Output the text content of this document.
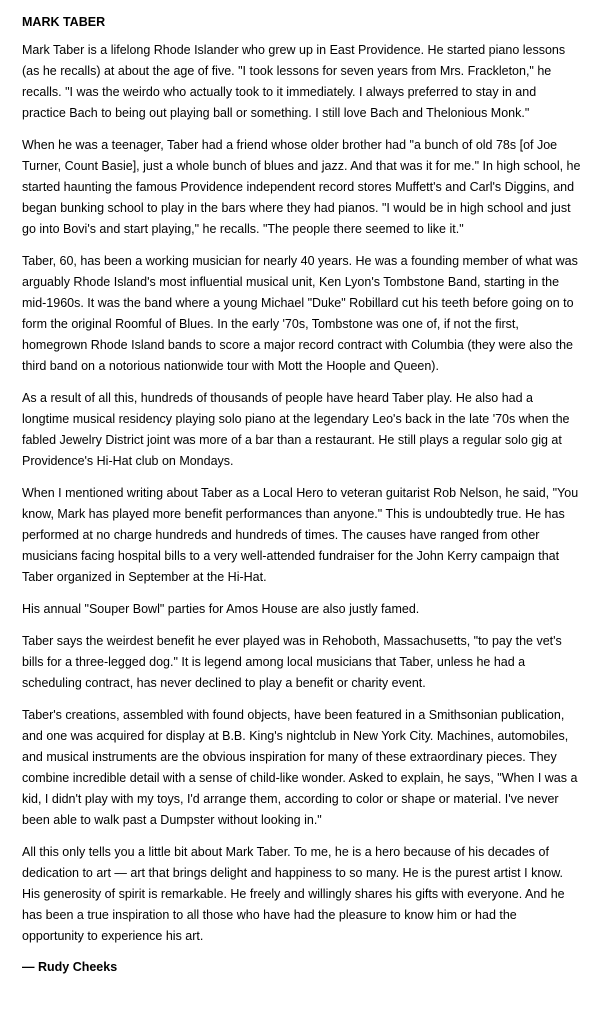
MARK TABER

Mark Taber is a lifelong Rhode Islander who grew up in East Providence. He started piano lessons (as he recalls) at about the age of five. "I took lessons for seven years from Mrs. Frackleton," he recalls. "I was the weirdo who actually took to it immediately. I always preferred to stay in and practice Bach to being out playing ball or something. I still love Bach and Thelonious Monk."

When he was a teenager, Taber had a friend whose older brother had "a bunch of old 78s [of Joe Turner, Count Basie], just a whole bunch of blues and jazz. And that was it for me." In high school, he started haunting the famous Providence independent record stores Muffett's and Carl's Diggins, and began bunking school to play in the bars where they had pianos. "I would be in high school and just go into Bovi's and start playing," he recalls. "The people there seemed to like it."

Taber, 60, has been a working musician for nearly 40 years. He was a founding member of what was arguably Rhode Island's most influential musical unit, Ken Lyon's Tombstone Band, starting in the mid-1960s. It was the band where a young Michael "Duke" Robillard cut his teeth before going on to form the original Roomful of Blues. In the early '70s, Tombstone was one of, if not the first, homegrown Rhode Island bands to score a major record contract with Columbia (they were also the third band on a notorious nationwide tour with Mott the Hoople and Queen).

As a result of all this, hundreds of thousands of people have heard Taber play. He also had a longtime musical residency playing solo piano at the legendary Leo's back in the late '70s when the fabled Jewelry District joint was more of a bar than a restaurant. He still plays a regular solo gig at Providence's Hi-Hat club on Mondays.

When I mentioned writing about Taber as a Local Hero to veteran guitarist Rob Nelson, he said, "You know, Mark has played more benefit performances than anyone." This is undoubtedly true. He has performed at no charge hundreds and hundreds of times. The causes have ranged from other musicians facing hospital bills to a very well-attended fundraiser for the John Kerry campaign that Taber organized in September at the Hi-Hat.

His annual "Souper Bowl" parties for Amos House are also justly famed.

Taber says the weirdest benefit he ever played was in Rehoboth, Massachusetts, "to pay the vet's bills for a three-legged dog." It is legend among local musicians that Taber, unless he had a scheduling contract, has never declined to play a benefit or charity event.

Taber's creations, assembled with found objects, have been featured in a Smithsonian publication, and one was acquired for display at B.B. King's nightclub in New York City. Machines, automobiles, and musical instruments are the obvious inspiration for many of these extraordinary pieces. They combine incredible detail with a sense of child-like wonder. Asked to explain, he says, "When I was a kid, I didn't play with my toys, I'd arrange them, according to color or shape or material. I've never been able to walk past a Dumpster without looking in."

All this only tells you a little bit about Mark Taber. To me, he is a hero because of his decades of dedication to art — art that brings delight and happiness to so many. He is the purest artist I know. His generosity of spirit is remarkable. He freely and willingly shares his gifts with everyone. And he has been a true inspiration to all those who have had the pleasure to know him or had the opportunity to experience his art.

— Rudy Cheeks
